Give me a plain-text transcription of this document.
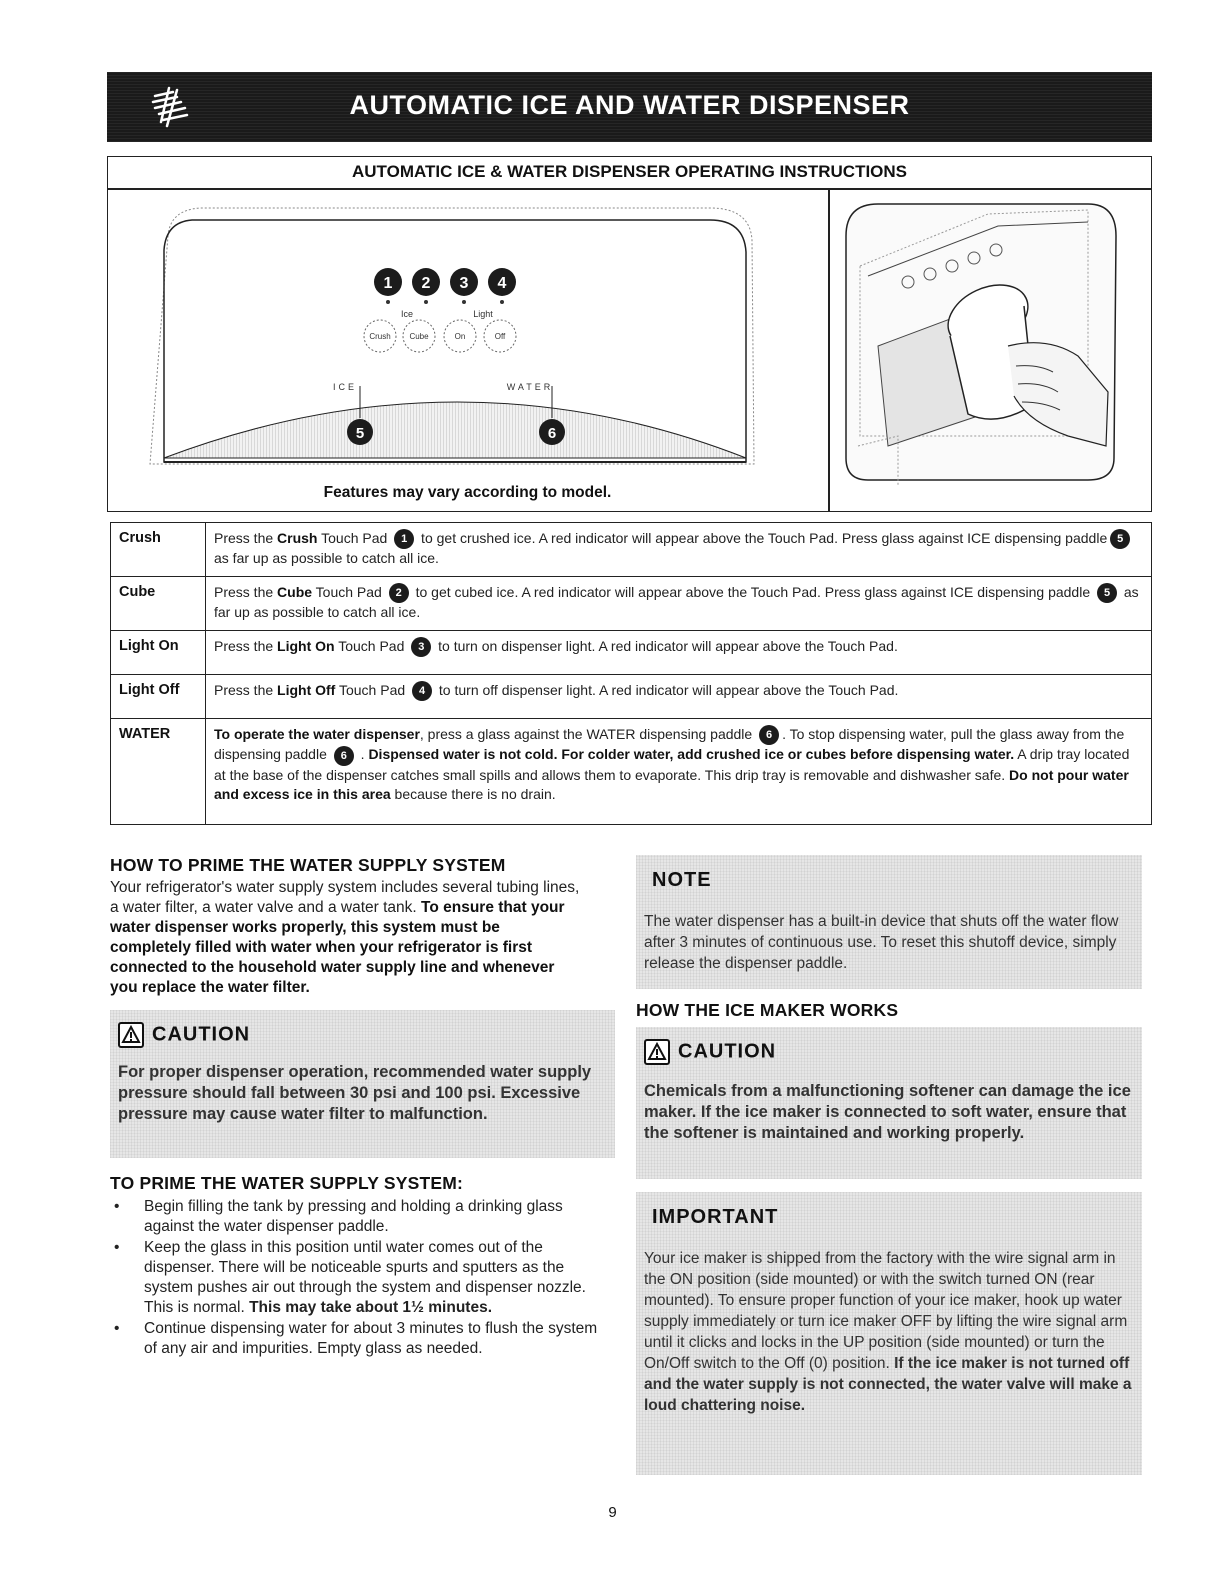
AUTOMATIC ICE AND WATER DISPENSER
AUTOMATIC ICE & WATER DISPENSER OPERATING INSTRUCTIONS
1 2 3 4
Ice	Light
Crush Cube	On	Off
ICE	WATER
5	6
Features may vary according to model.
Crush	Press the Crush Touch Pad 1 to get crushed ice. A red indicator will appear above the Touch Pad. Press glass against ICE dispensing paddle 5 as far up as possible to catch all ice.
Cube	Press the Cube Touch Pad 2 to get cubed ice. A red indicator will appear above the Touch Pad. Press glass against ICE dispensing paddle 5 as far up as possible to catch all ice.
Light On	Press the Light On Touch Pad 3 to turn on dispenser light. A red indicator will appear above the Touch Pad.
Light Off	Press the Light Off Touch Pad 4 to turn off dispenser light. A red indicator will appear above the Touch Pad.
WATER	To operate the water dispenser, press a glass against the WATER dispensing paddle 6 . To stop dispensing water, pull the glass away from the dispensing paddle 6 . Dispensed water is not cold. For colder water, add crushed ice or cubes before dispensing water. A drip tray located at the base of the dispenser catches small spills and allows them to evaporate. This drip tray is removable and dishwasher safe. Do not pour water and excess ice in this area because there is no drain.
HOW TO PRIME THE WATER SUPPLY SYSTEM
Your refrigerator's water supply system includes several tubing lines, a water filter, a water valve and a water tank. To ensure that your water dispenser works properly, this system must be completely filled with water when your refrigerator is first connected to the household water supply line and whenever you replace the water filter.
CAUTION
For proper dispenser operation, recommended water supply pressure should fall between 30 psi and 100 psi. Excessive pressure may cause water filter to malfunction.
TO PRIME THE WATER SUPPLY SYSTEM:
• Begin filling the tank by pressing and holding a drinking glass against the water dispenser paddle.
• Keep the glass in this position until water comes out of the dispenser. There will be noticeable spurts and sputters as the system pushes air out through the system and dispenser nozzle. This is normal. This may take about 1½ minutes.
• Continue dispensing water for about 3 minutes to flush the system of any air and impurities. Empty glass as needed.
NOTE
The water dispenser has a built-in device that shuts off the water flow after 3 minutes of continuous use. To reset this shutoff device, simply release the dispenser paddle.
HOW THE ICE MAKER WORKS
CAUTION
Chemicals from a malfunctioning softener can damage the ice maker. If the ice maker is connected to soft water, ensure that the softener is maintained and working properly.
IMPORTANT
Your ice maker is shipped from the factory with the wire signal arm in the ON position (side mounted) or with the switch turned ON (rear mounted). To ensure proper function of your ice maker, hook up water supply immediately or turn ice maker OFF by lifting the wire signal arm until it clicks and locks in the UP position (side mounted) or turn the On/Off switch to the Off (0) position. If the ice maker is not turned off and the water supply is not connected, the water valve will make a loud chattering noise.
9
